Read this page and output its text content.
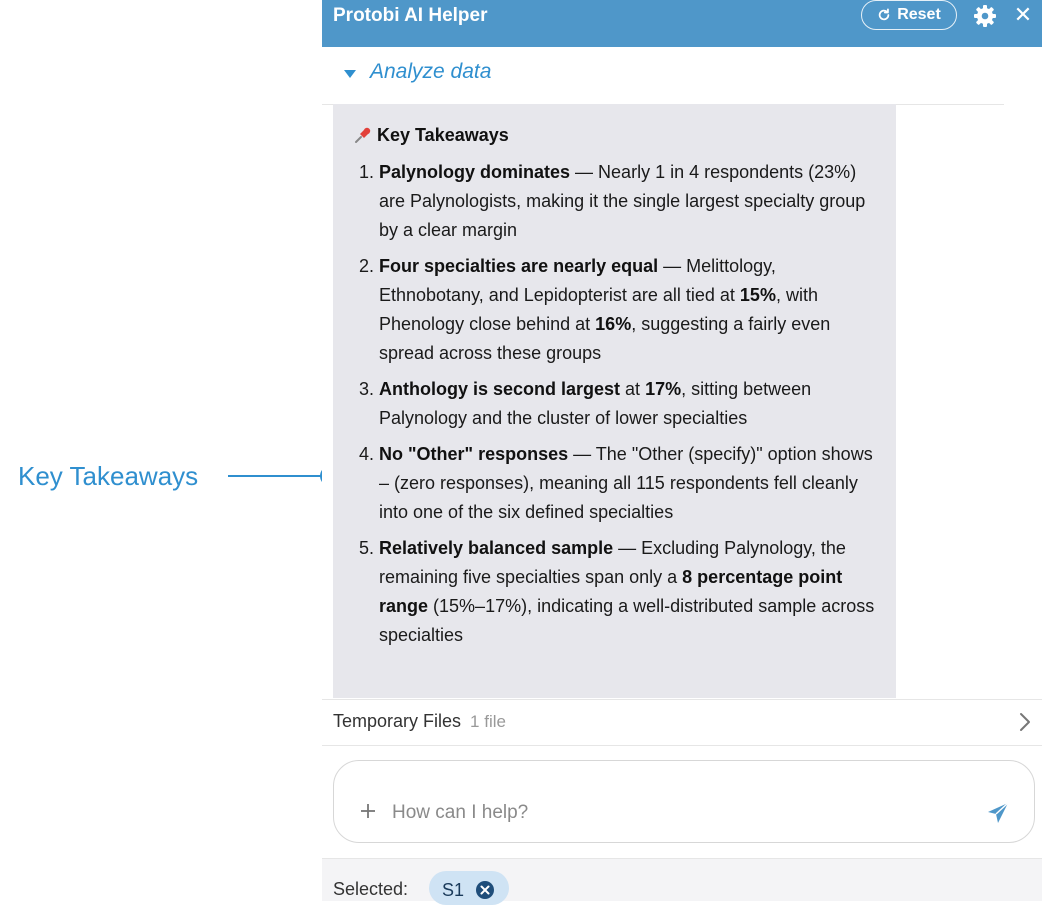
Key Takeaways
Protobi AI Helper	Reset	✕
Analyze data
Key Takeaways
1. Palynology dominates — Nearly 1 in 4 respondents (23%) are Palynologists, making it the single largest specialty group by a clear margin
2. Four specialties are nearly equal — Melittology, Ethnobotany, and Lepidopterist are all tied at 15%, with Phenology close behind at 16%, suggesting a fairly even spread across these groups
3. Anthology is second largest at 17%, sitting between Palynology and the cluster of lower specialties
4. No "Other" responses — The "Other (specify)" option shows – (zero responses), meaning all 115 respondents fell cleanly into one of the six defined specialties
5. Relatively balanced sample — Excluding Palynology, the remaining five specialties span only a 8 percentage point range (15%–17%), indicating a well-distributed sample across specialties
Temporary Files 1 file
How can I help?
Selected: S1
